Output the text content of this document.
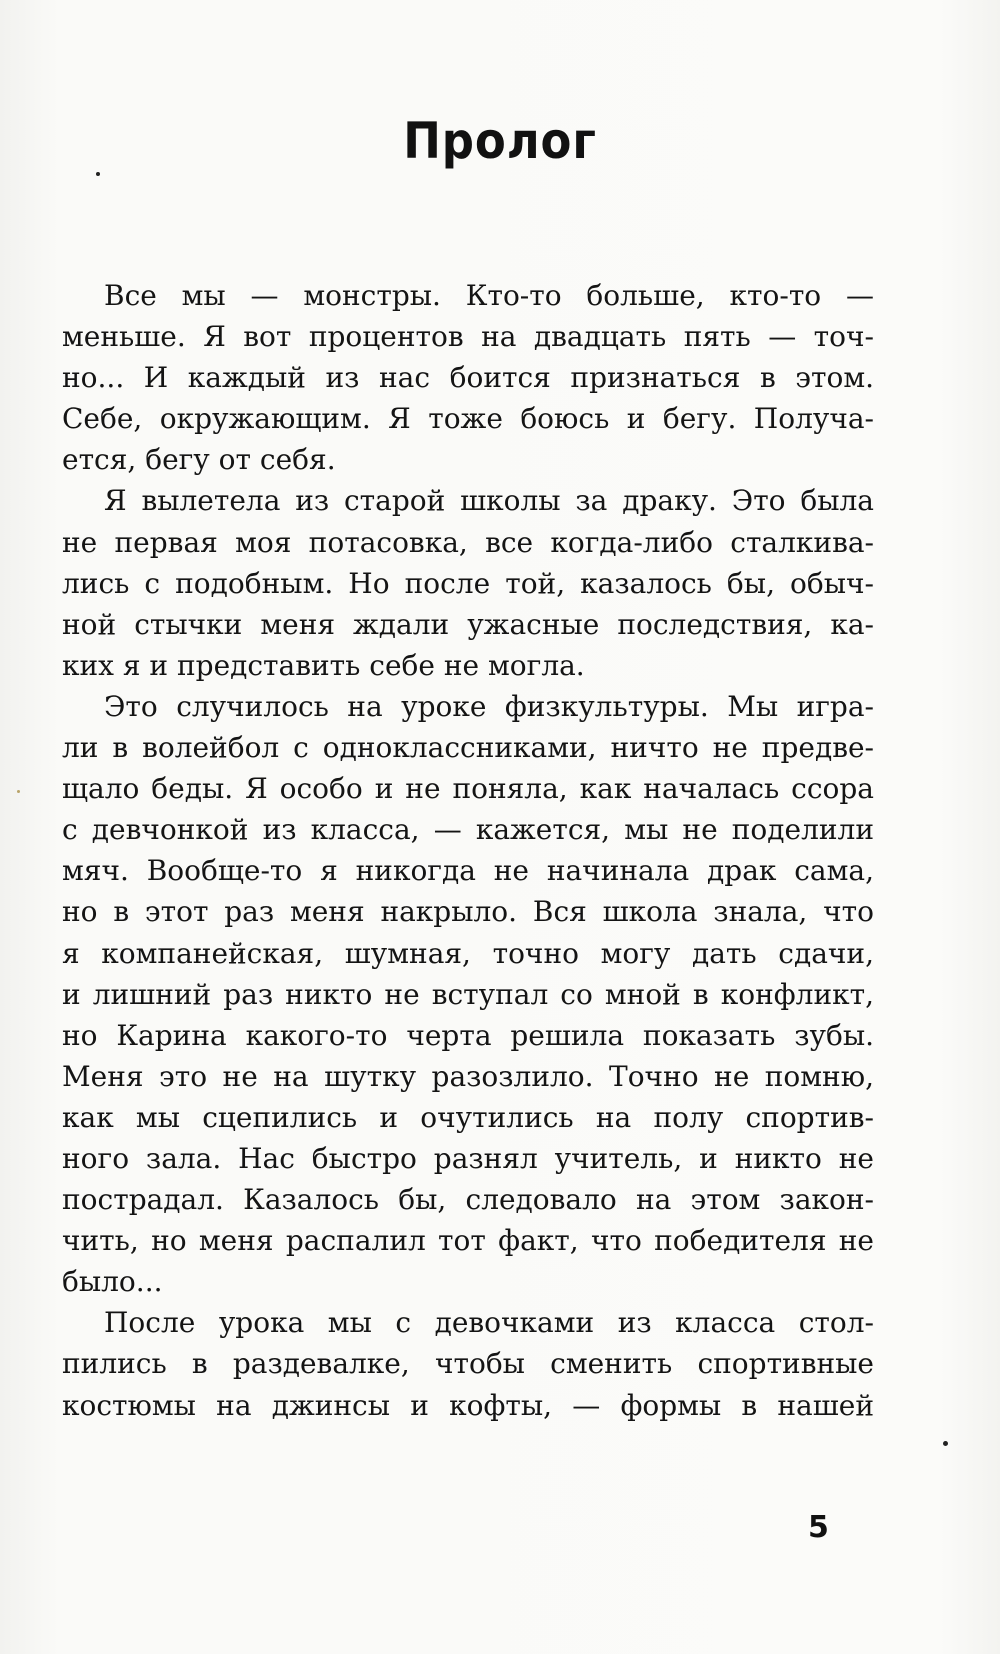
Пролог
Все мы — монстры. Кто-то больше, кто-то —
меньше. Я вот процентов на двадцать пять — точ-
но... И каждый из нас боится признаться в этом.
Себе, окружающим. Я тоже боюсь и бегу. Получа-
ется, бегу от себя.
Я вылетела из старой школы за драку. Это была
не первая моя потасовка, все когда-либо сталкива-
лись с подобным. Но после той, казалось бы, обыч-
ной стычки меня ждали ужасные последствия, ка-
ких я и представить себе не могла.
Это случилось на уроке физкультуры. Мы игра-
ли в волейбол с одноклассниками, ничто не предве-
щало беды. Я особо и не поняла, как началась ссора
с девчонкой из класса, — кажется, мы не поделили
мяч. Вообще-то я никогда не начинала драк сама,
но в этот раз меня накрыло. Вся школа знала, что
я компанейская, шумная, точно могу дать сдачи,
и лишний раз никто не вступал со мной в конфликт,
но Карина какого-то черта решила показать зубы.
Меня это не на шутку разозлило. Точно не помню,
как мы сцепились и очутились на полу спортив-
ного зала. Нас быстро разнял учитель, и никто не
пострадал. Казалось бы, следовало на этом закон-
чить, но меня распалил тот факт, что победителя не
было...
После урока мы с девочками из класса стол-
пились в раздевалке, чтобы сменить спортивные
костюмы на джинсы и кофты, — формы в нашей
5
